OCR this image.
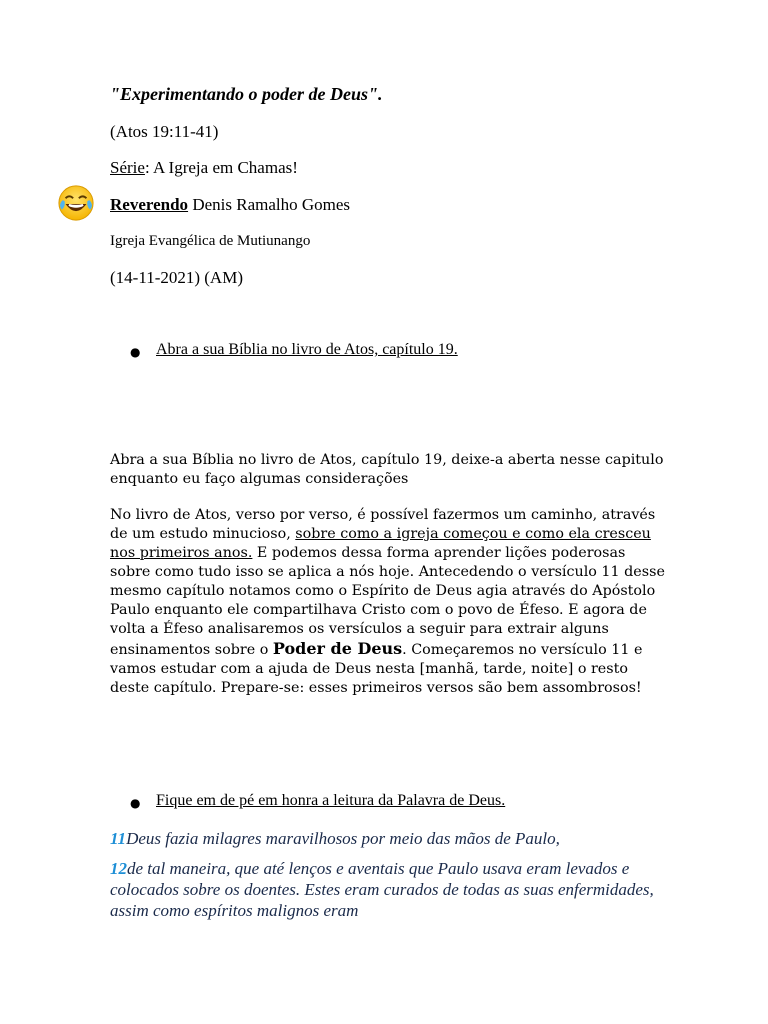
"Experimentando o poder de Deus".
(Atos 19:11-41)
Série: A Igreja em Chamas!
Reverendo Denis Ramalho Gomes
Igreja Evangélica de Mutiunango
(14-11-2021) (AM)
● Abra a sua Bíblia no livro de Atos, capítulo 19.
Abra a sua Bíblia no livro de Atos, capítulo 19, deixe-a aberta nesse capitulo enquanto eu faço algumas considerações
No livro de Atos, verso por verso, é possível fazermos um caminho, através de um estudo minucioso, sobre como a igreja começou e como ela cresceu nos primeiros anos. E podemos dessa forma aprender lições poderosas sobre como tudo isso se aplica a nós hoje. Antecedendo o versículo 11 desse mesmo capítulo notamos como o Espírito de Deus agia através do Apóstolo Paulo enquanto ele compartilhava Cristo com o povo de Éfeso. E agora de volta a Éfeso analisaremos os versículos a seguir para extrair alguns ensinamentos sobre o Poder de Deus. Começaremos no versículo 11 e vamos estudar com a ajuda de Deus nesta [manhã, tarde, noite] o resto deste capítulo. Prepare-se: esses primeiros versos são bem assombrosos!
● Fique em de pé em honra a leitura da Palavra de Deus.
11Deus fazia milagres maravilhosos por meio das mãos de Paulo,
12de tal maneira, que até lenços e aventais que Paulo usava eram levados e colocados sobre os doentes. Estes eram curados de todas as suas enfermidades, assim como espíritos malignos eram
